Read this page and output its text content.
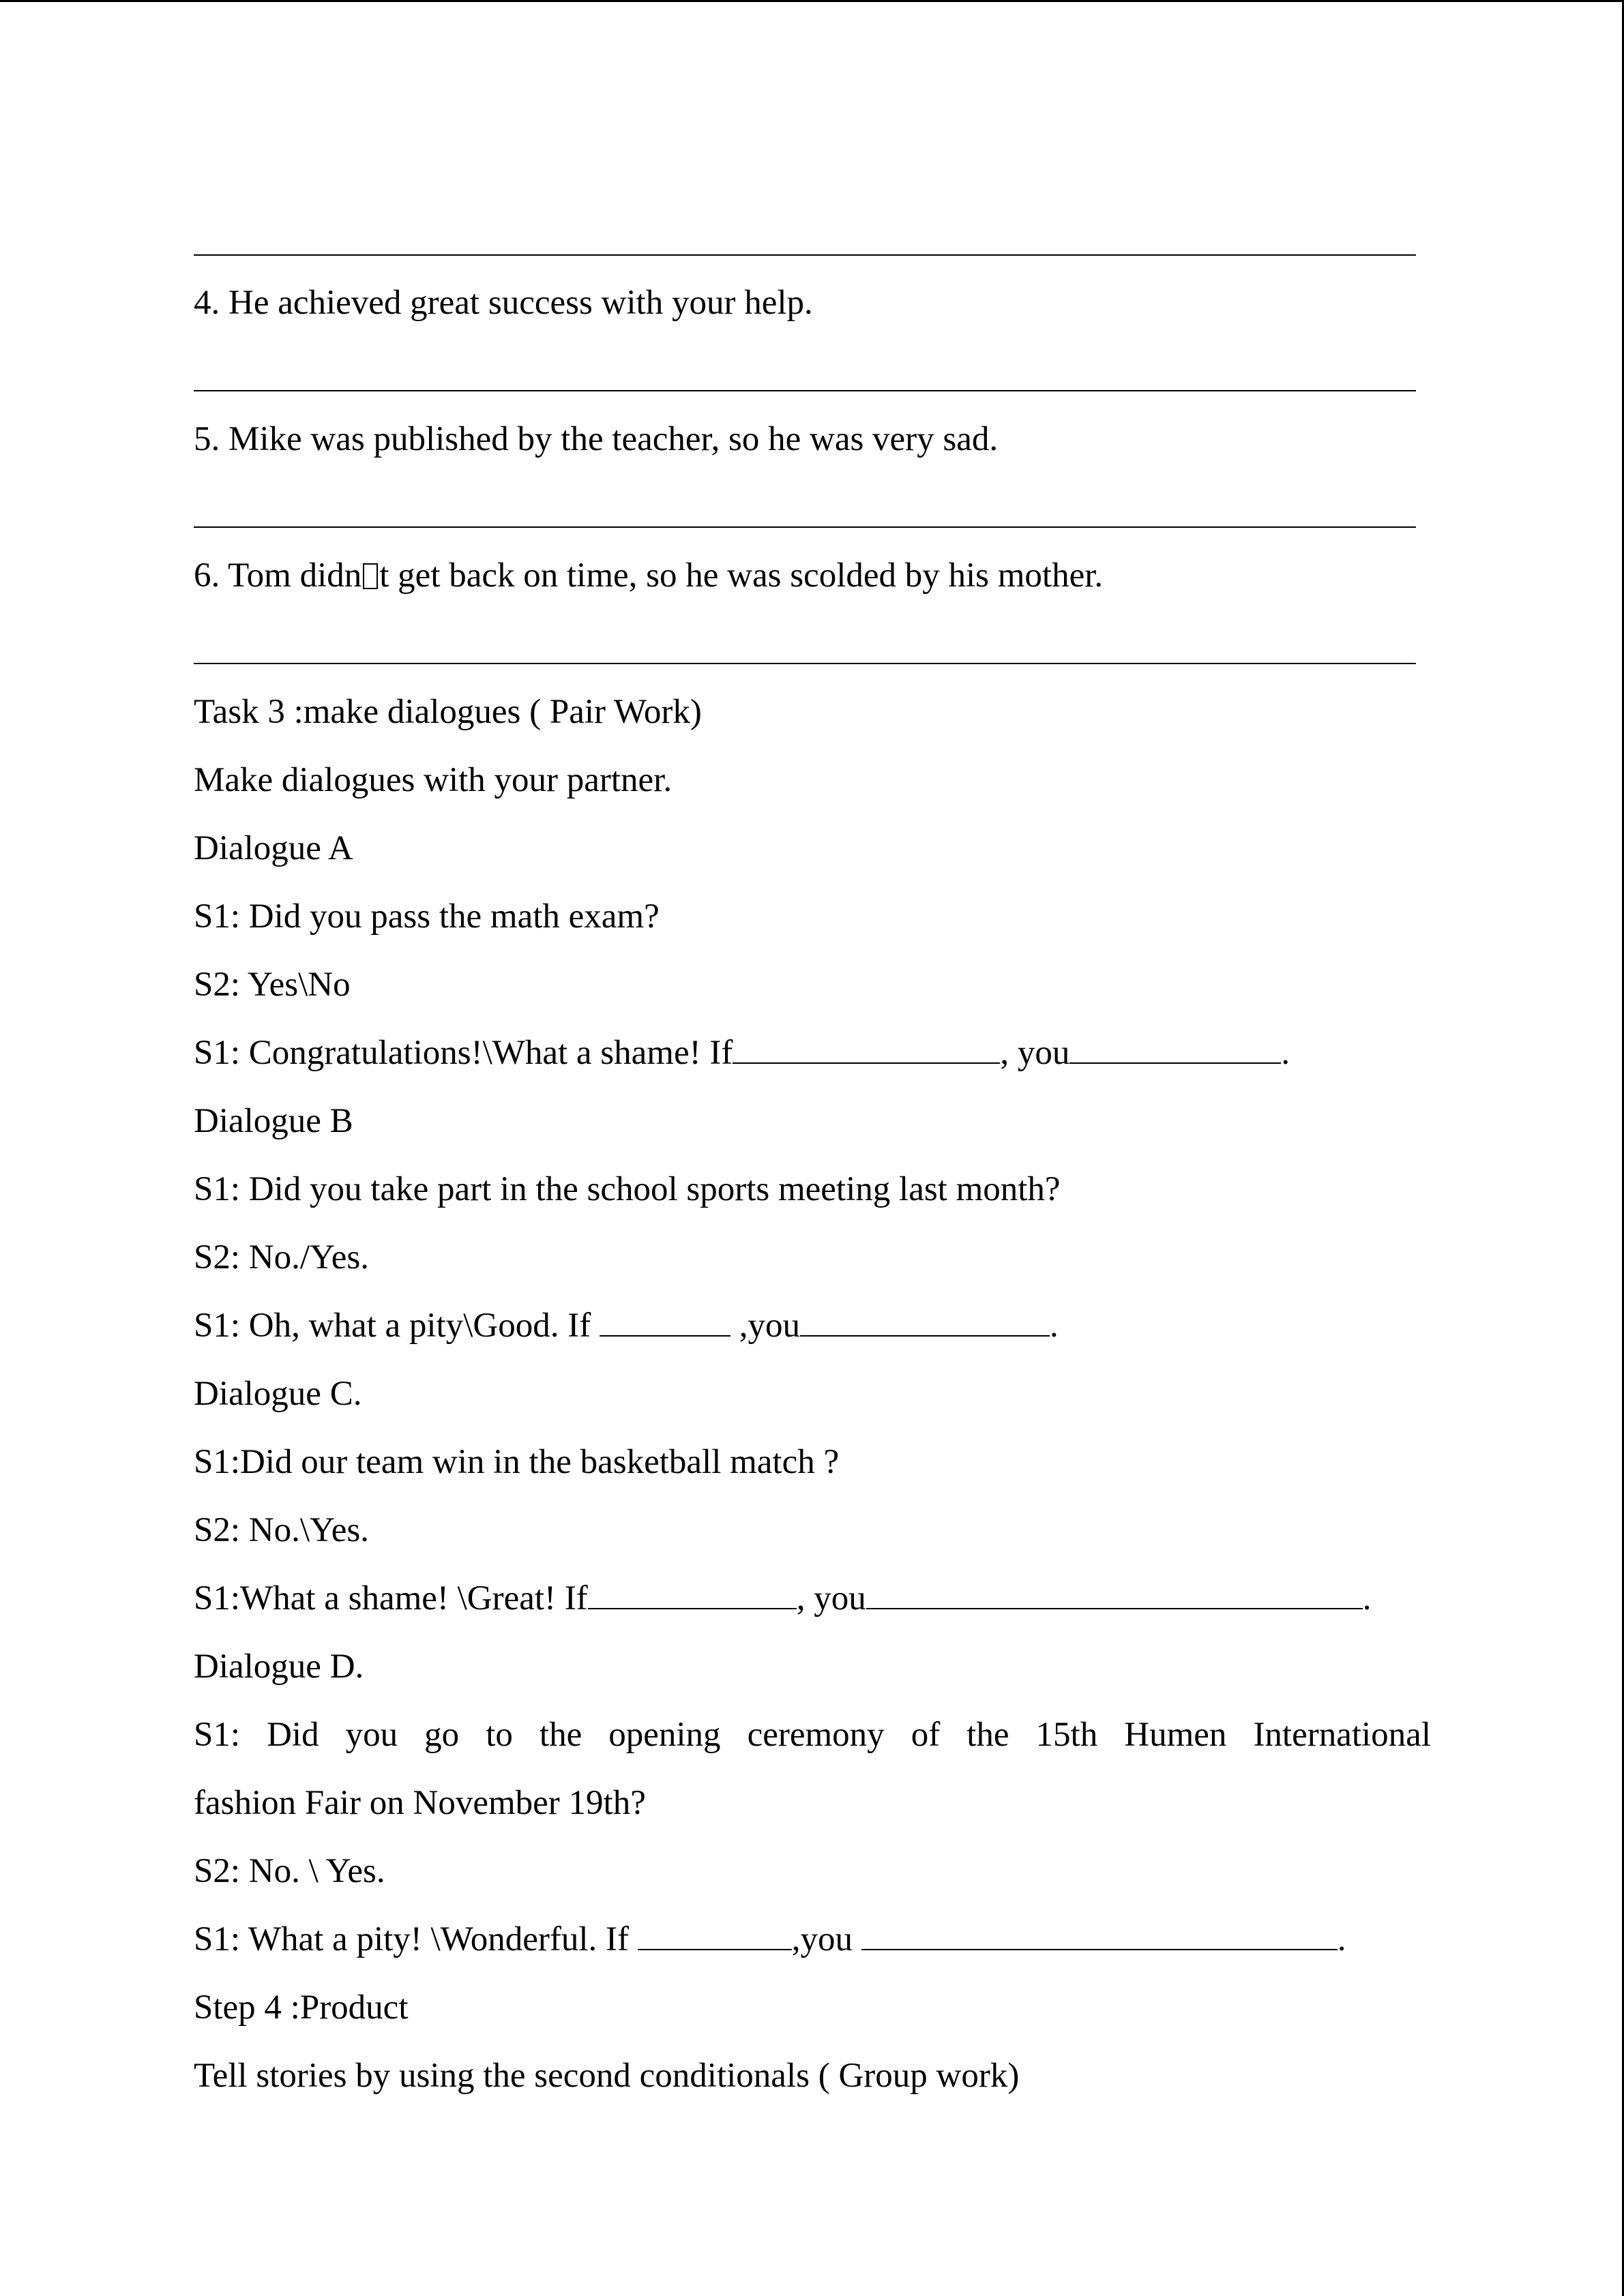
4. He achieved great success with your help.
5. Mike was published by the teacher, so he was very sad.
6. Tom didn t get back on time, so he was scolded by his mother.
Task 3 :make dialogues ( Pair Work)
Make dialogues with your partner.
Dialogue A
S1: Did you pass the math exam?
S2: Yes\No
S1: Congratulations!\What a shame! If	, you	.
Dialogue B
S1: Did you take part in the school sports meeting last month?
S2: No./Yes.
S1: Oh, what a pity\Good. If	,you	.
Dialogue C.
S1:Did our team win in the basketball match ?
S2: No.\Yes.
S1:What a shame! \Great! If	, you	.
Dialogue D.
S1: Did you go to the opening ceremony of the 15th Humen International
fashion Fair on November 19th?
S2: No. \ Yes.
S1: What a pity! \Wonderful. If	,you	.
Step 4 :Product
Tell stories by using the second conditionals ( Group work)
